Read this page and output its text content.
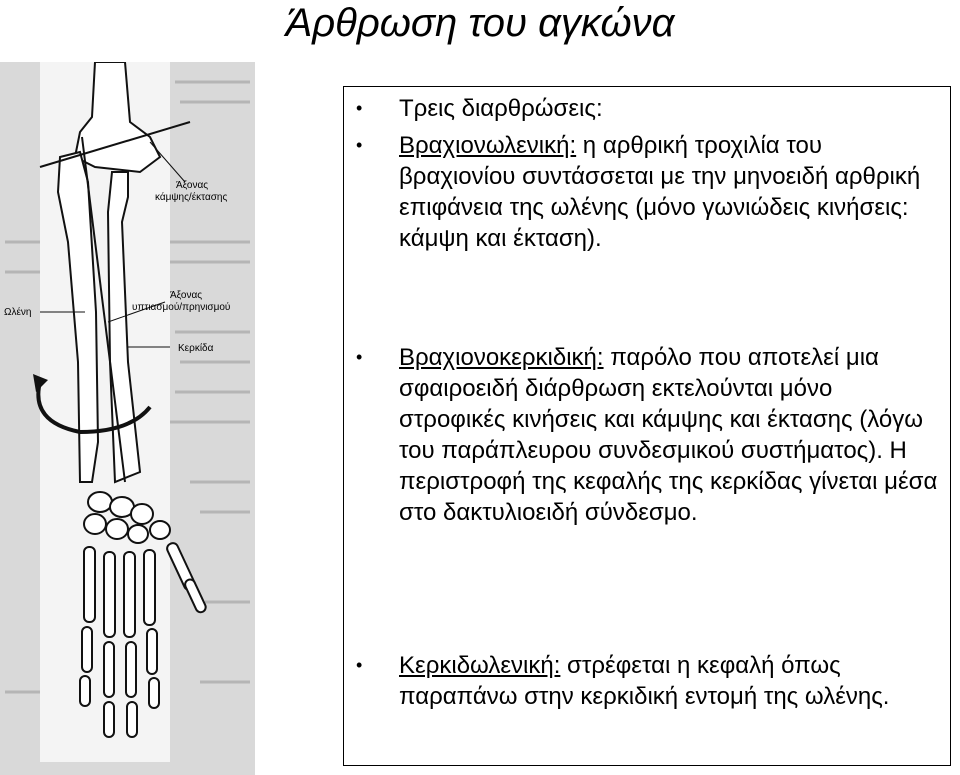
Άρθρωση του αγκώνα
Άξονας κάμψης/έκτασης
Άξονας υπτιασμού/πρηνισμού
Ωλένη
Κερκίδα
• Τρεις διαρθρώσεις:
• Βραχιονωλενική: η αρθρική τροχιλία του βραχιονίου συντάσσεται με την μηνοειδή αρθρική επιφάνεια της ωλένης (μόνο γωνιώδεις κινήσεις: κάμψη και έκταση).
• Βραχιονοκερκιδική: παρόλο που αποτελεί μια σφαιροειδή διάρθρωση εκτελούνται μόνο στροφικές κινήσεις και κάμψης και έκτασης (λόγω του παράπλευρου συνδεσμικού συστήματος). Η περιστροφή της κεφαλής της κερκίδας γίνεται μέσα στο δακτυλιοειδή σύνδεσμο.
• Κερκιδωλενική: στρέφεται η κεφαλή όπως παραπάνω στην κερκιδική εντομή της ωλένης.
